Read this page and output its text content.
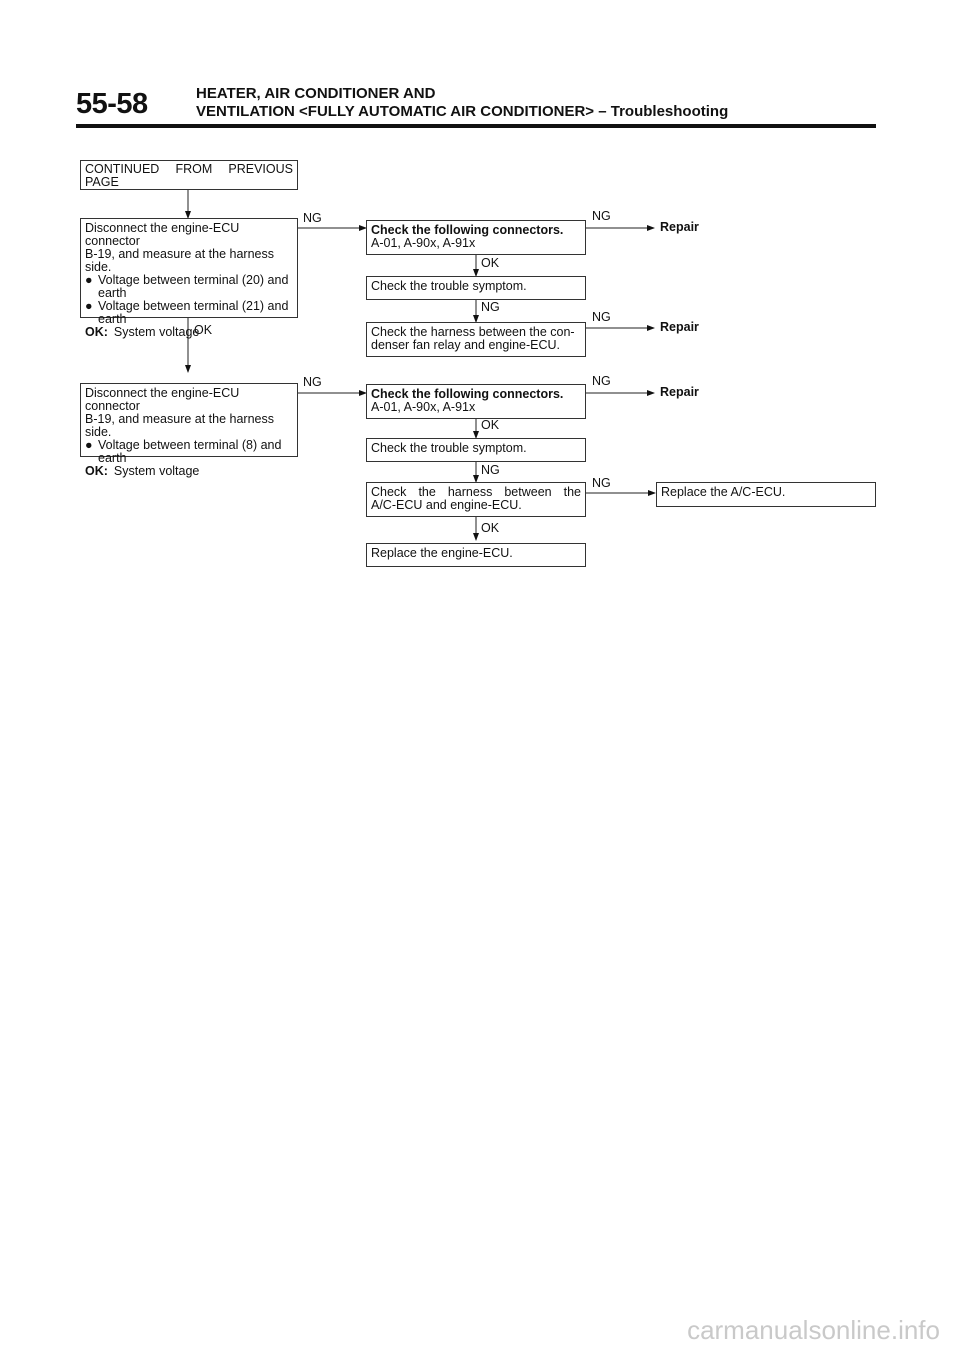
55-58	HEATER, AIR CONDITIONER AND
VENTILATION <FULLY AUTOMATIC AIR CONDITIONER> – Troubleshooting
CONTINUED FROM PREVIOUS
PAGE
Disconnect the engine-ECU connector
B-19, and measure at the harness side.
● Voltage between terminal (20) and
earth
● Voltage between terminal (21) and
earth
OK: System voltage
OK
Disconnect the engine-ECU connector
B-19, and measure at the harness side.
● Voltage between terminal (8) and
earth
OK: System voltage
NG
NG
Check the following connectors.
A-01, A-90x, A-91x
OK
Check the trouble symptom.
NG
Check the harness between the con-
denser fan relay and engine-ECU.
Check the following connectors.
A-01, A-90x, A-91x
OK
Check the trouble symptom.
NG
Check the harness between the
A/C-ECU and engine-ECU.
OK
Replace the engine-ECU.
NG
NG
NG
NG
Repair
Repair
Repair
Replace the A/C-ECU.
carmanualsonline.info
